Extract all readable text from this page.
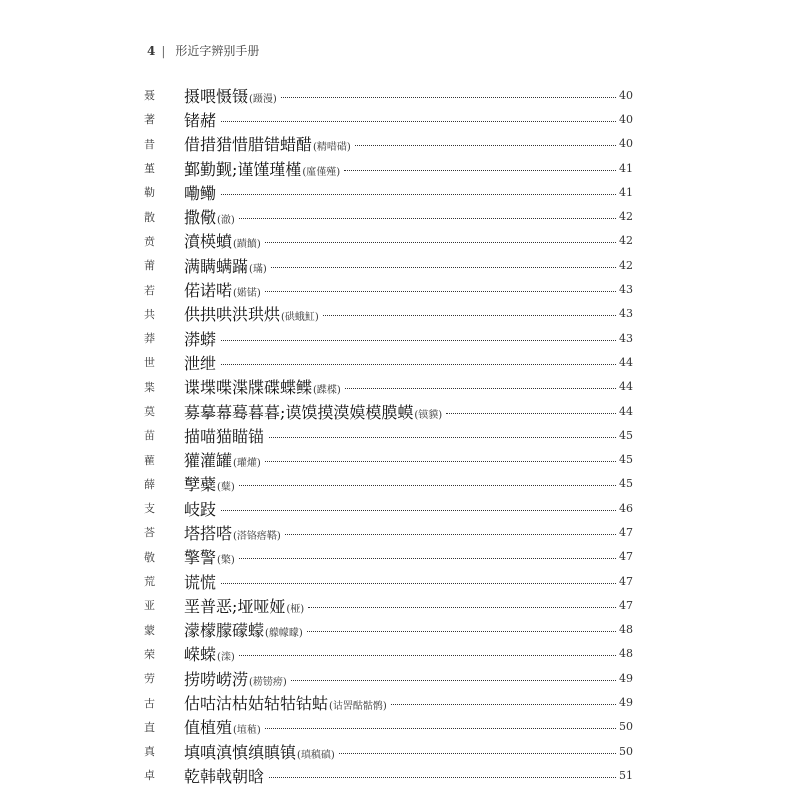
4 | 形近字辨别手册
聂	摄喂慑镊 (蹑漫)	40
著	锗赭	40
昔	借措猎惜腊错蜡醋 (精唶碏)	40
堇	鄞勤觐;谨馑瑾槿 (廑僅殣)	41
勒	嘞鳓	41
散	撒儆 (澈)	42
贲	濆楧蟦 (蹟饙)	42
莆	满瞒螨蹣 (璊)	42
若	偌诺喏 (婼锘)	43
共	供拱哄洪珙烘 (硔蛾魟)	43
莽	漭蟒	43
世	泄绁	44
枼	谍堞喋渫牒碟蝶鲽 (蹀楪)	44
莫	募摹幕蓦暮暮;谟馍摸漠嫫模膜蟆 (镆貘)	44
苗	描喵猫瞄锚	45
雚	獾灌罐 (瓘爟)	45
薛	孼蘗 (糵)	45
支	岐跂	46
荅	塔搭嗒 (溚铬瘩鞳)	47
敬	擎警 (檠)	47
荒	谎慌	47
亚	垩普恶;垭哑娅 (桠)	47
蒙	濛檬朦礞蠓 (艨幪矇)	48
荣	嵘蝾 (滦)	48
劳	捞唠崂涝 (耢铹痨)	49
古	估咕沽枯姑轱牯钴蛄 (诂罟酤骷鹘)	49
直	值植殖 (埴稙)	50
真	填嗔滇慎缜瞋镇 (瑱稹磌)	50
卓	乾韩戟朝晗	51
